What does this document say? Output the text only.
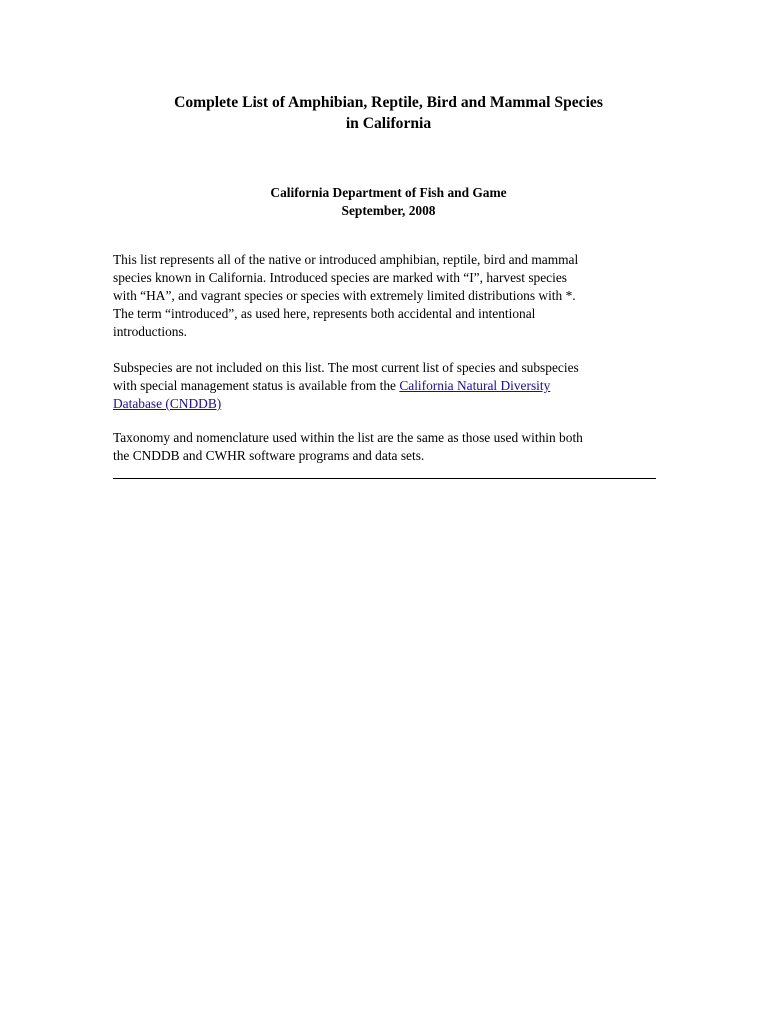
Complete List of Amphibian, Reptile, Bird and Mammal Species
in California
California Department of Fish and Game
September, 2008

This list represents all of the native or introduced amphibian, reptile, bird and mammal
species known in California. Introduced species are marked with “I”, harvest species
with “HA”, and vagrant species or species with extremely limited distributions with *.
The term “introduced”, as used here, represents both accidental and intentional
introductions.

Subspecies are not included on this list. The most current list of species and subspecies
with special management status is available from the California Natural Diversity
Database (CNDDB)

Taxonomy and nomenclature used within the list are the same as those used within both
the CNDDB and CWHR software programs and data sets.
